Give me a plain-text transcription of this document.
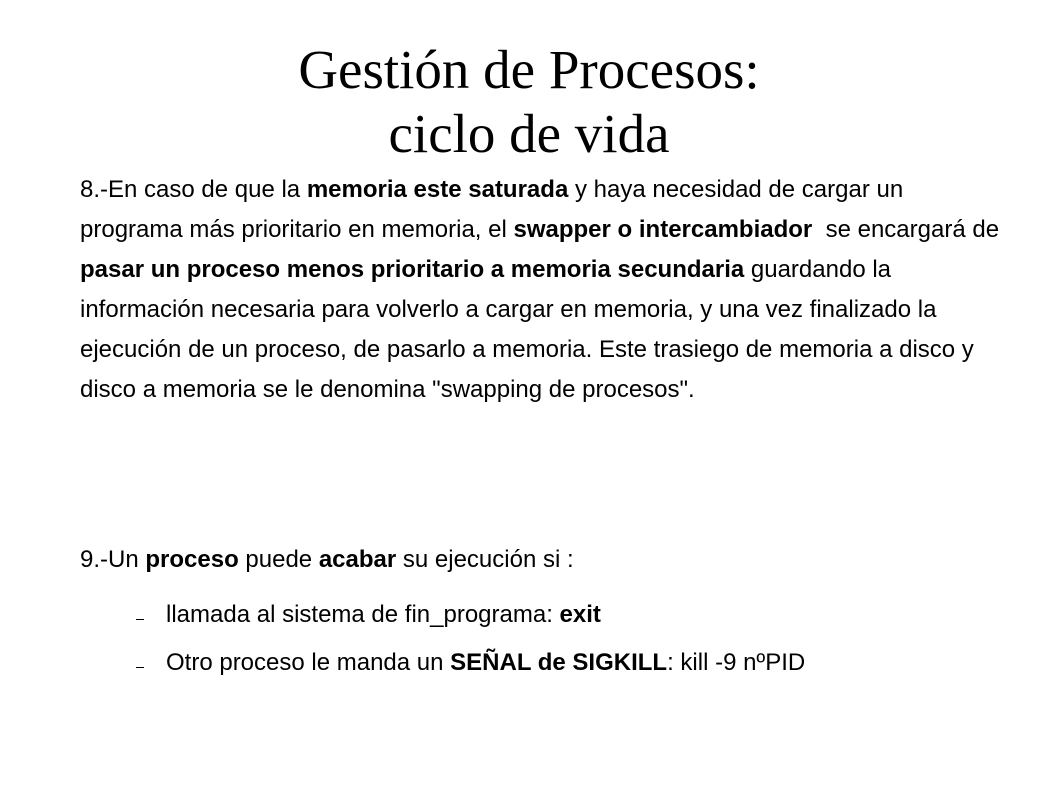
Gestión de Procesos:
ciclo de vida

8.-En caso de que la memoria este saturada y haya necesidad de cargar un programa más prioritario en memoria, el swapper o intercambiador  se encargará de pasar un proceso menos prioritario a memoria secundaria guardando la información necesaria para volverlo a cargar en memoria, y una vez finalizado la ejecución de un proceso, de pasarlo a memoria. Este trasiego de memoria a disco y disco a memoria se le denomina "swapping de procesos".

9.-Un proceso puede acabar su ejecución si :

llamada al sistema de fin_programa: exit
Otro proceso le manda un SEÑAL de SIGKILL: kill -9 nºPID
